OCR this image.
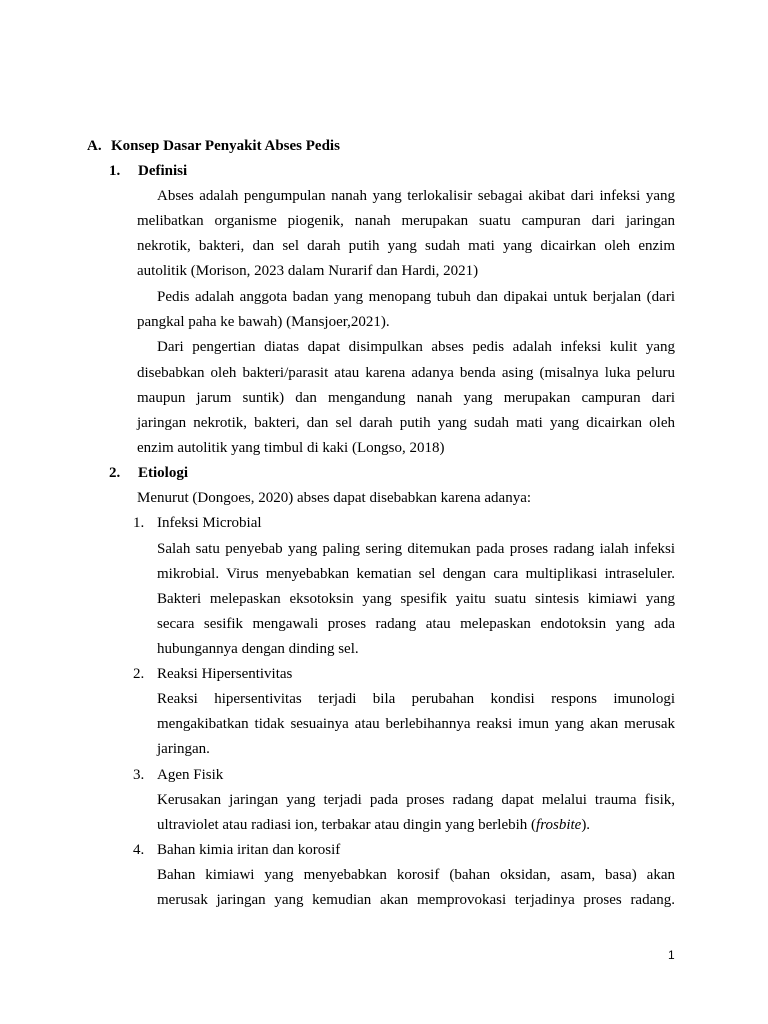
A. Konsep Dasar Penyakit Abses Pedis
1. Definisi
Abses adalah pengumpulan nanah yang terlokalisir sebagai akibat dari infeksi yang
melibatkan organisme piogenik, nanah merupakan suatu campuran dari jaringan
nekrotik, bakteri, dan sel darah putih yang sudah mati yang dicairkan oleh enzim
autolitik (Morison, 2023 dalam Nurarif dan Hardi, 2021)
Pedis adalah anggota badan yang menopang tubuh dan dipakai untuk berjalan (dari
pangkal paha ke bawah) (Mansjoer,2021).
Dari pengertian diatas dapat disimpulkan abses pedis adalah infeksi kulit yang
disebabkan oleh bakteri/parasit atau karena adanya benda asing (misalnya luka peluru
maupun jarum suntik) dan mengandung nanah yang merupakan campuran dari
jaringan nekrotik, bakteri, dan sel darah putih yang sudah mati yang dicairkan oleh
enzim autolitik yang timbul di kaki (Longso, 2018)
2. Etiologi
Menurut (Dongoes, 2020) abses dapat disebabkan karena adanya:
1. Infeksi Microbial
Salah satu penyebab yang paling sering ditemukan pada proses radang ialah infeksi
mikrobial. Virus menyebabkan kematian sel dengan cara multiplikasi intraseluler.
Bakteri melepaskan eksotoksin yang spesifik yaitu suatu sintesis kimiawi yang
secara sesifik mengawali proses radang atau melepaskan endotoksin yang ada
hubungannya dengan dinding sel.
2. Reaksi Hipersentivitas
Reaksi hipersentivitas terjadi bila perubahan kondisi respons imunologi
mengakibatkan tidak sesuainya atau berlebihannya reaksi imun yang akan merusak
jaringan.
3. Agen Fisik
Kerusakan jaringan yang terjadi pada proses radang dapat melalui trauma fisik,
ultraviolet atau radiasi ion, terbakar atau dingin yang berlebih (frosbite).
4. Bahan kimia iritan dan korosif
Bahan kimiawi yang menyebabkan korosif (bahan oksidan, asam, basa) akan
merusak jaringan yang kemudian akan memprovokasi terjadinya proses radang.
1
